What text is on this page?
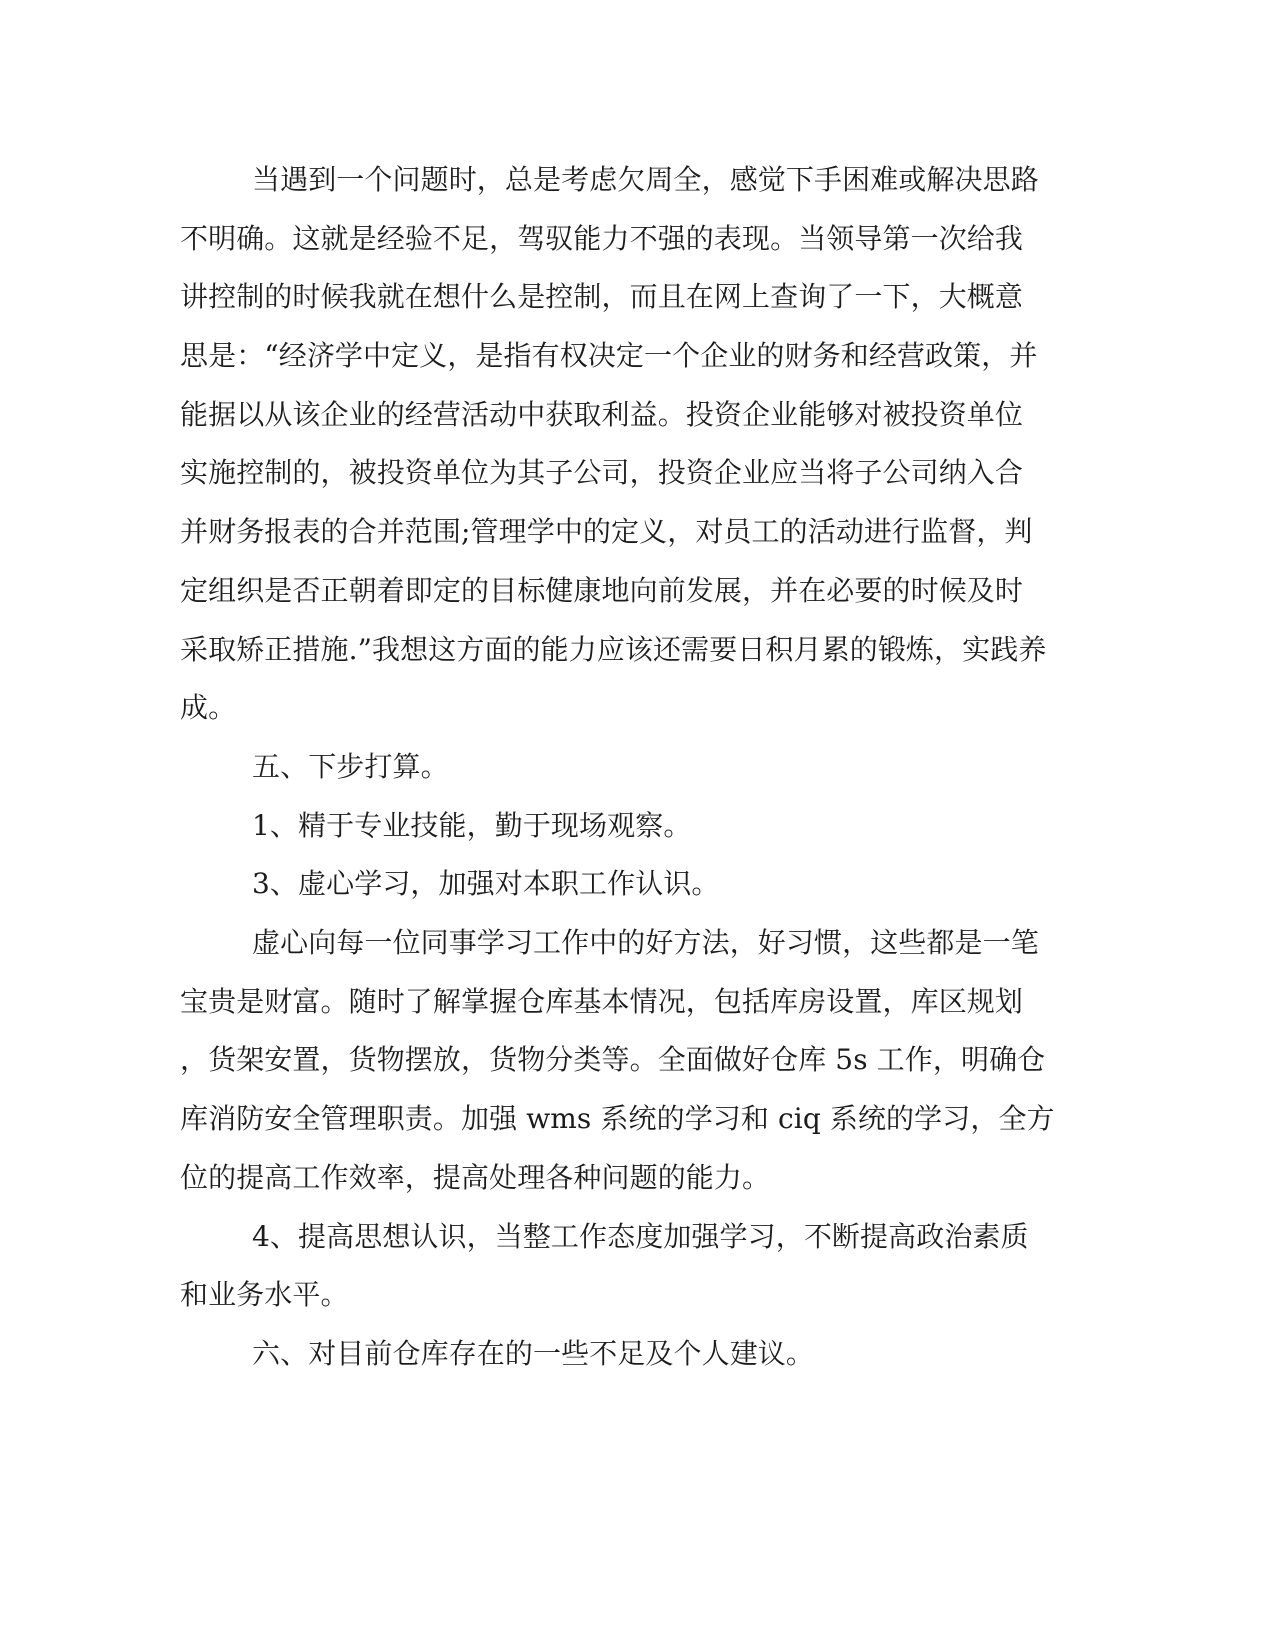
当遇到一个问题时，总是考虑欠周全，感觉下手困难或解决思路
不明确。这就是经验不足，驾驭能力不强的表现。当领导第一次给我
讲控制的时候我就在想什么是控制，而且在网上查询了一下，大概意
思是：“经济学中定义，是指有权决定一个企业的财务和经营政策，并
能据以从该企业的经营活动中获取利益。投资企业能够对被投资单位
实施控制的，被投资单位为其子公司，投资企业应当将子公司纳入合
并财务报表的合并范围;管理学中的定义，对员工的活动进行监督，判
定组织是否正朝着即定的目标健康地向前发展，并在必要的时候及时
采取矫正措施.”我想这方面的能力应该还需要日积月累的锻炼，实践养
成。
五、下步打算。
1、精于专业技能，勤于现场观察。
3、虚心学习，加强对本职工作认识。
虚心向每一位同事学习工作中的好方法，好习惯，这些都是一笔
宝贵是财富。随时了解掌握仓库基本情况，包括库房设置，库区规划
，货架安置，货物摆放，货物分类等。全面做好仓库 5s 工作，明确仓
库消防安全管理职责。加强 wms 系统的学习和 ciq 系统的学习，全方
位的提高工作效率，提高处理各种问题的能力。
4、提高思想认识，当整工作态度加强学习，不断提高政治素质
和业务水平。
六、对目前仓库存在的一些不足及个人建议。
